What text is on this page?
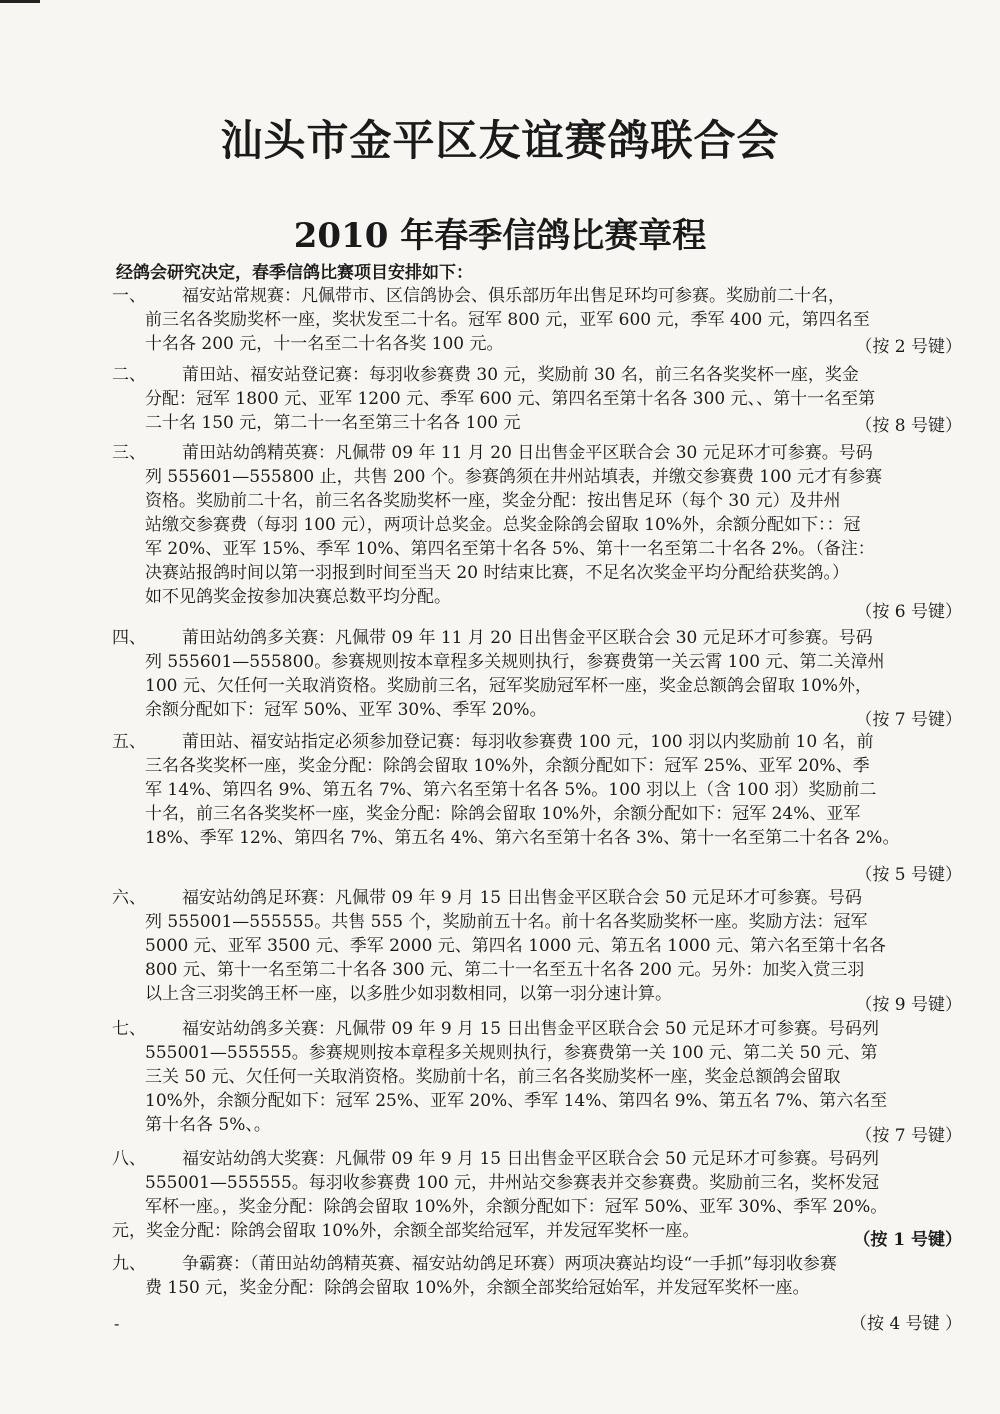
汕头市金平区友谊赛鸽联合会
2010 年春季信鸽比赛章程
经鸽会研究决定，春季信鸽比赛项目安排如下：
一、 福安站常规赛：凡佩带市、区信鸽协会、俱乐部历年出售足环均可参赛。奖励前二十名，
前三名各奖励奖杯一座，奖状发至二十名。冠军 800 元，亚军 600 元，季军 400 元，第四名至
十名各 200 元，十一名至二十名各奖 100 元。	（按 2 号键）
二、 莆田站、福安站登记赛：每羽收参赛费 30 元，奖励前 30 名，前三名各奖奖杯一座，奖金
分配：冠军 1800 元、亚军 1200 元、季军 600 元、第四名至第十名各 300 元、、第十一名至第
二十名 150 元，第二十一名至第三十名各 100 元	（按 8 号键）
三、 莆田站幼鸽精英赛：凡佩带 09 年 11 月 20 日出售金平区联合会 30 元足环才可参赛。号码
列 555601—555800 止，共售 200 个。参赛鸽须在井州站填表，并缴交参赛费 100 元才有参赛
资格。奖励前二十名，前三名各奖励奖杯一座，奖金分配：按出售足环（每个 30 元）及井州
站缴交参赛费（每羽 100 元），两项计总奖金。总奖金除鸽会留取 10%外，余额分配如下：：冠
军 20%、亚军 15%、季军 10%、第四名至第十名各 5%、第十一名至第二十名各 2%。（备注：
决赛站报鸽时间以第一羽报到时间至当天 20 时结束比赛，不足名次奖金平均分配给获奖鸽。）
如不见鸽奖金按参加决赛总数平均分配。
（按 6 号键）
四、 莆田站幼鸽多关赛：凡佩带 09 年 11 月 20 日出售金平区联合会 30 元足环才可参赛。号码
列 555601—555800。参赛规则按本章程多关规则执行，参赛费第一关云霄 100 元、第二关漳州
100 元、欠任何一关取消资格。奖励前三名，冠军奖励冠军杯一座，奖金总额鸽会留取 10%外，
余额分配如下：冠军 50%、亚军 30%、季军 20%。	（按 7 号键）
五、 莆田站、福安站指定必须参加登记赛：每羽收参赛费 100 元，100 羽以内奖励前 10 名，前
三名各奖奖杯一座，奖金分配：除鸽会留取 10%外，余额分配如下：冠军 25%、亚军 20%、季
军 14%、第四名 9%、第五名 7%、第六名至第十名各 5%。100 羽以上（含 100 羽）奖励前二
十名，前三名各奖奖杯一座，奖金分配：除鸽会留取 10%外，余额分配如下：冠军 24%、亚军
18%、季军 12%、第四名 7%、第五名 4%、第六名至第十名各 3%、第十一名至第二十名各 2%。
（按 5 号键）
六、 福安站幼鸽足环赛：凡佩带 09 年 9 月 15 日出售金平区联合会 50 元足环才可参赛。号码
列 555001—555555。共售 555 个，奖励前五十名。前十名各奖励奖杯一座。奖励方法：冠军
5000 元、亚军 3500 元、季军 2000 元、第四名 1000 元、第五名 1000 元、第六名至第十名各
800 元、第十一名至第二十名各 300 元、第二十一名至五十名各 200 元。另外：加奖入赏三羽
以上含三羽奖鸽王杯一座，以多胜少如羽数相同，以第一羽分速计算。
（按 9 号键）
七、 福安站幼鸽多关赛：凡佩带 09 年 9 月 15 日出售金平区联合会 50 元足环才可参赛。号码列
555001—555555。参赛规则按本章程多关规则执行，参赛费第一关 100 元、第二关 50 元、第
三关 50 元、欠任何一关取消资格。奖励前十名，前三名各奖励奖杯一座，奖金总额鸽会留取
10%外，余额分配如下：冠军 25%、亚军 20%、季军 14%、第四名 9%、第五名 7%、第六名至
第十名各 5%、。
（按 7 号键）
八、 福安站幼鸽大奖赛：凡佩带 09 年 9 月 15 日出售金平区联合会 50 元足环才可参赛。号码列
555001—555555。每羽收参赛费 100 元，井州站交参赛表并交参赛费。奖励前三名，奖杯发冠
军杯一座。，奖金分配：除鸽会留取 10%外，余额分配如下：冠军 50%、亚军 30%、季军 20%。
元，奖金分配：除鸽会留取 10%外，余额全部奖给冠军，并发冠军奖杯一座。	（按 1 号键）
九、 争霸赛：（莆田站幼鸽精英赛、福安站幼鸽足环赛）两项决赛站均设“一手抓”每羽收参赛
费 150 元，奖金分配：除鸽会留取 10%外，余额全部奖给冠始军，并发冠军奖杯一座。
（按 4 号键 ）
-
